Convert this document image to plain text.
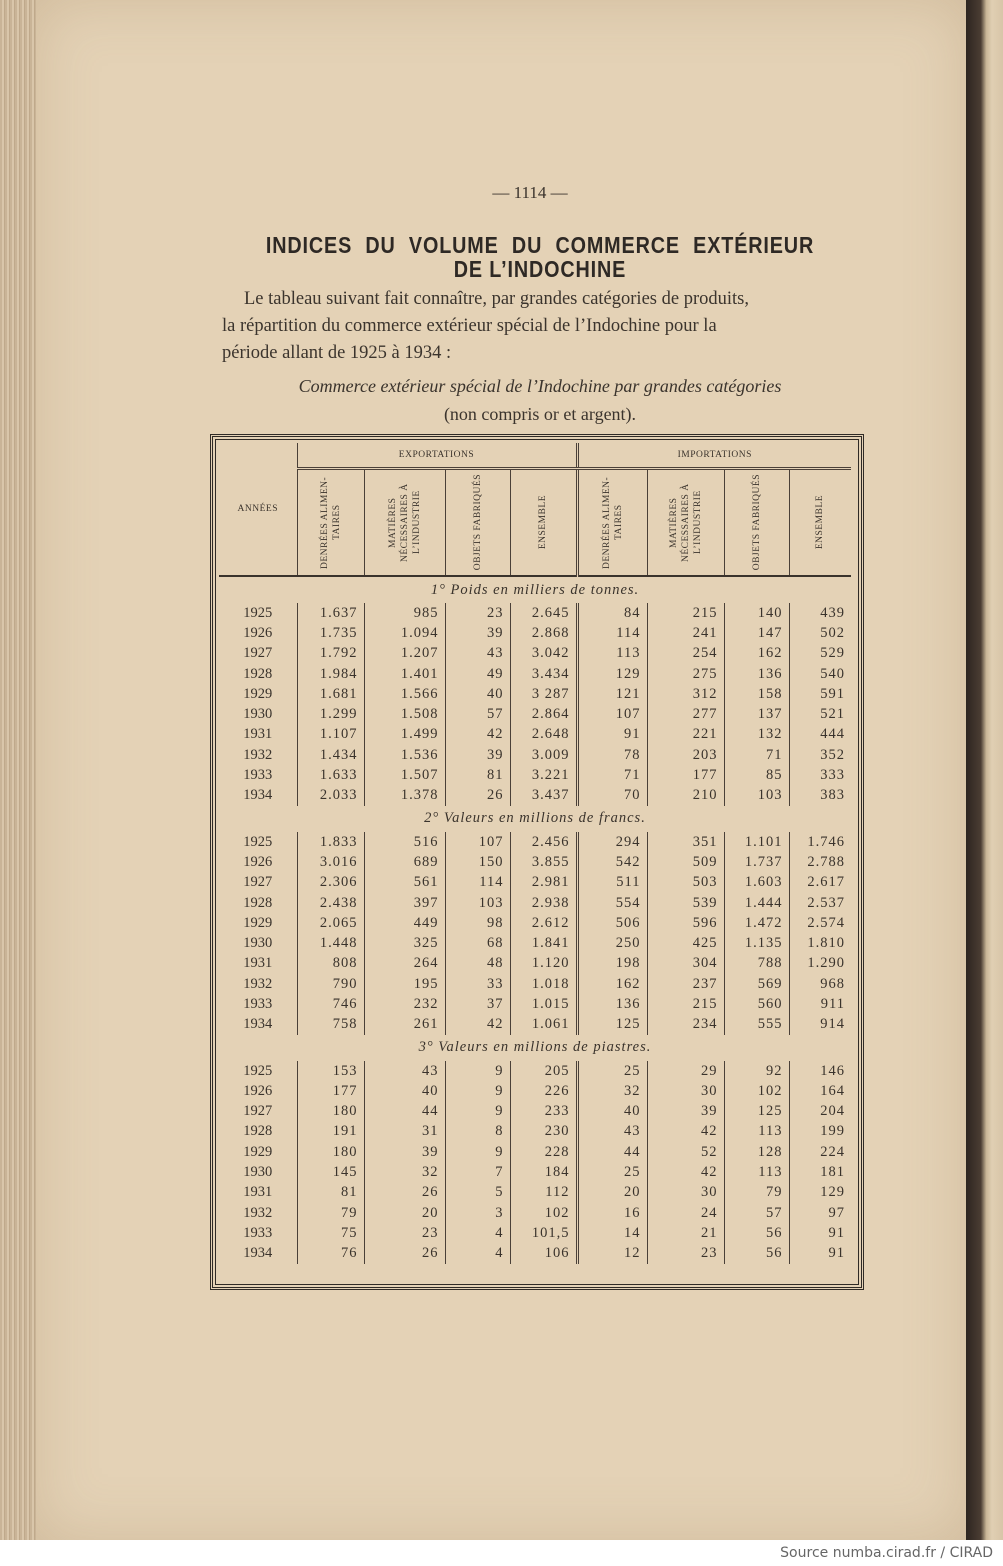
— 1114 —
INDICES DU VOLUME DU COMMERCE EXTÉRIEUR
DE L’INDOCHINE
Le tableau suivant fait connaître, par grandes catégories de produits,
la répartition du commerce extérieur spécial de l’Indochine pour la
période allant de 1925 à 1934 :
Commerce extérieur spécial de l’Indochine par grandes catégories
(non compris or et argent).
ANNÉES	EXPORTATIONS				IMPORTATIONS			

	DENRÉES ALIMEN- TAIRES	MATIÈRES NÉCESSAIRES À L’INDUSTRIE	OBJETS FABRIQUÉS	ENSEMBLE	DENRÉES ALIMEN- TAIRES	MATIÈRES NÉCESSAIRES À L’INDUSTRIE	OBJETS FABRIQUÉS	ENSEMBLE

1° Poids en milliers de tonnes.								
1925	1.637	985	23	2.645	84	215	140	439
1926	1.735	1.094	39	2.868	114	241	147	502
1927	1.792	1.207	43	3.042	113	254	162	529
1928	1.984	1.401	49	3.434	129	275	136	540
1929	1.681	1.566	40	3 287	121	312	158	591
1930	1.299	1.508	57	2.864	107	277	137	521
1931	1.107	1.499	42	2.648	91	221	132	444
1932	1.434	1.536	39	3.009	78	203	71	352
1933	1.633	1.507	81	3.221	71	177	85	333
1934	2.033	1.378	26	3.437	70	210	103	383
2° Valeurs en millions de francs.								
1925	1.833	516	107	2.456	294	351	1.101	1.746
1926	3.016	689	150	3.855	542	509	1.737	2.788
1927	2.306	561	114	2.981	511	503	1.603	2.617
1928	2.438	397	103	2.938	554	539	1.444	2.537
1929	2.065	449	98	2.612	506	596	1.472	2.574
1930	1.448	325	68	1.841	250	425	1.135	1.810
1931	808	264	48	1.120	198	304	788	1.290
1932	790	195	33	1.018	162	237	569	968
1933	746	232	37	1.015	136	215	560	911
1934	758	261	42	1.061	125	234	555	914
3° Valeurs en millions de piastres.								
1925	153	43	9	205	25	29	92	146
1926	177	40	9	226	32	30	102	164
1927	180	44	9	233	40	39	125	204
1928	191	31	8	230	43	42	113	199
1929	180	39	9	228	44	52	128	224
1930	145	32	7	184	25	42	113	181
1931	81	26	5	112	20	30	79	129
1932	79	20	3	102	16	24	57	97
1933	75	23	4	101,5	14	21	56	91
1934	76	26	4	106	12	23	56	91
Source numba.cirad.fr / CIRAD
